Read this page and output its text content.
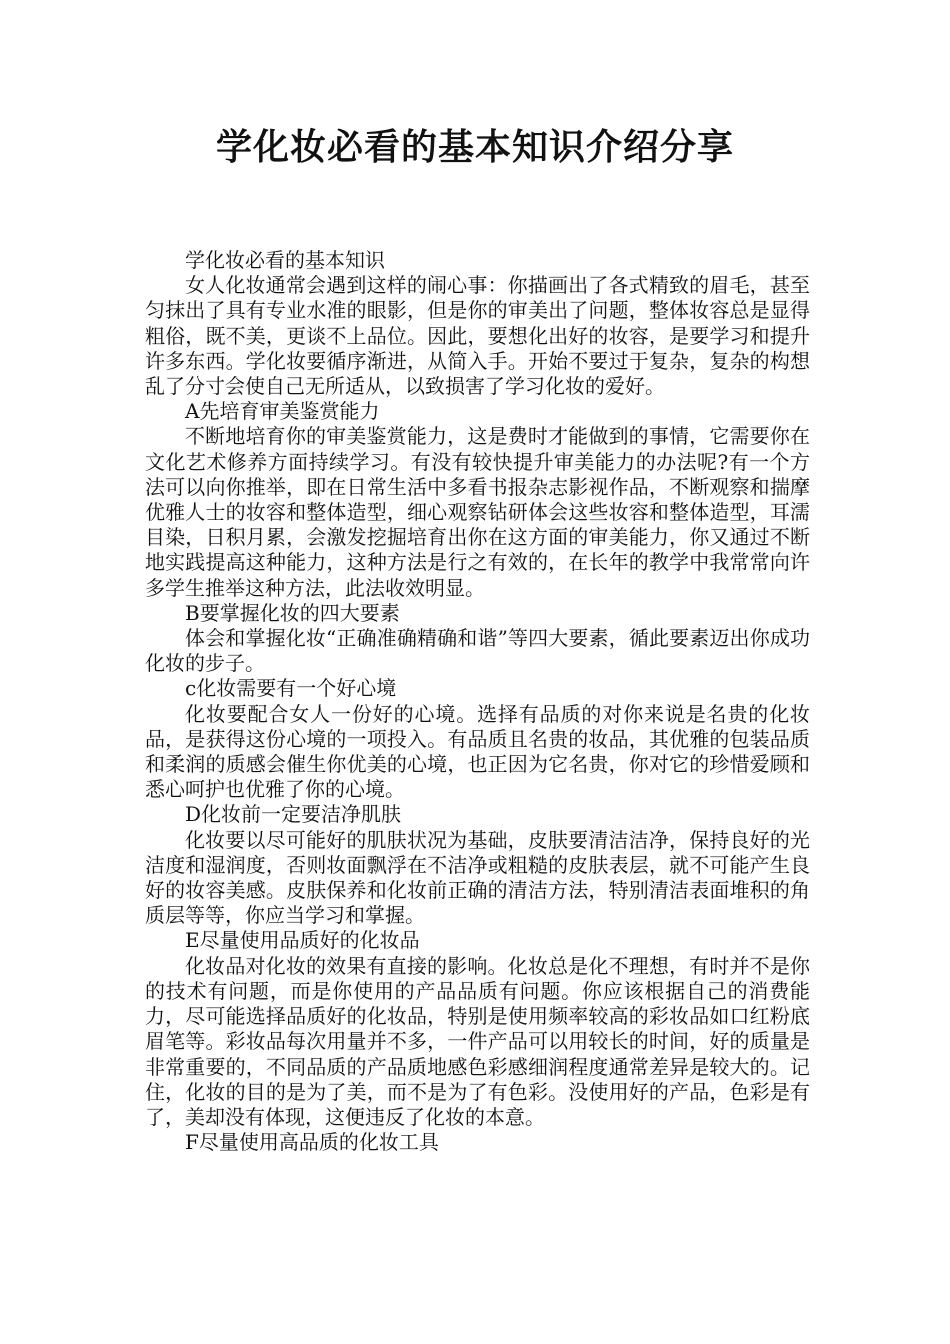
学化妆必看的基本知识介绍分享

学化妆必看的基本知识

女人化妆通常会遇到这样的闹心事：你描画出了各式精致的眉毛，甚至匀抹出了具有专业水准的眼影，但是你的审美出了问题，整体妆容总是显得粗俗，既不美，更谈不上品位。因此，要想化出好的妆容，是要学习和提升许多东西。学化妆要循序渐进，从简入手。开始不要过于复杂，复杂的构想乱了分寸会使自己无所适从，以致损害了学习化妆的爱好。

A先培育审美鉴赏能力

不断地培育你的审美鉴赏能力，这是费时才能做到的事情，它需要你在文化艺术修养方面持续学习。有没有较快提升审美能力的办法呢?有一个方法可以向你推举，即在日常生活中多看书报杂志影视作品，不断观察和揣摩优雅人士的妆容和整体造型，细心观察钻研体会这些妆容和整体造型，耳濡目染，日积月累，会激发挖掘培育出你在这方面的审美能力，你又通过不断地实践提高这种能力，这种方法是行之有效的，在长年的教学中我常常向许多学生推举这种方法，此法收效明显。

B要掌握化妆的四大要素

体会和掌握化妆“正确准确精确和谐”等四大要素，循此要素迈出你成功化妆的步子。

c化妆需要有一个好心境

化妆要配合女人一份好的心境。选择有品质的对你来说是名贵的化妆品，是获得这份心境的一项投入。有品质且名贵的妆品，其优雅的包装品质和柔润的质感会催生你优美的心境，也正因为它名贵，你对它的珍惜爱顾和悉心呵护也优雅了你的心境。

D化妆前一定要洁净肌肤

化妆要以尽可能好的肌肤状况为基础，皮肤要清洁洁净，保持良好的光洁度和湿润度，否则妆面飘浮在不洁净或粗糙的皮肤表层，就不可能产生良好的妆容美感。皮肤保养和化妆前正确的清洁方法，特别清洁表面堆积的角质层等等，你应当学习和掌握。

E尽量使用品质好的化妆品

化妆品对化妆的效果有直接的影响。化妆总是化不理想，有时并不是你的技术有问题，而是你使用的产品品质有问题。你应该根据自己的消费能力，尽可能选择品质好的化妆品，特别是使用频率较高的彩妆品如口红粉底眉笔等。彩妆品每次用量并不多，一件产品可以用较长的时间，好的质量是非常重要的，不同品质的产品质地感色彩感细润程度通常差异是较大的。记住，化妆的目的是为了美，而不是为了有色彩。没使用好的产品，色彩是有了，美却没有体现，这便违反了化妆的本意。

F尽量使用高品质的化妆工具
